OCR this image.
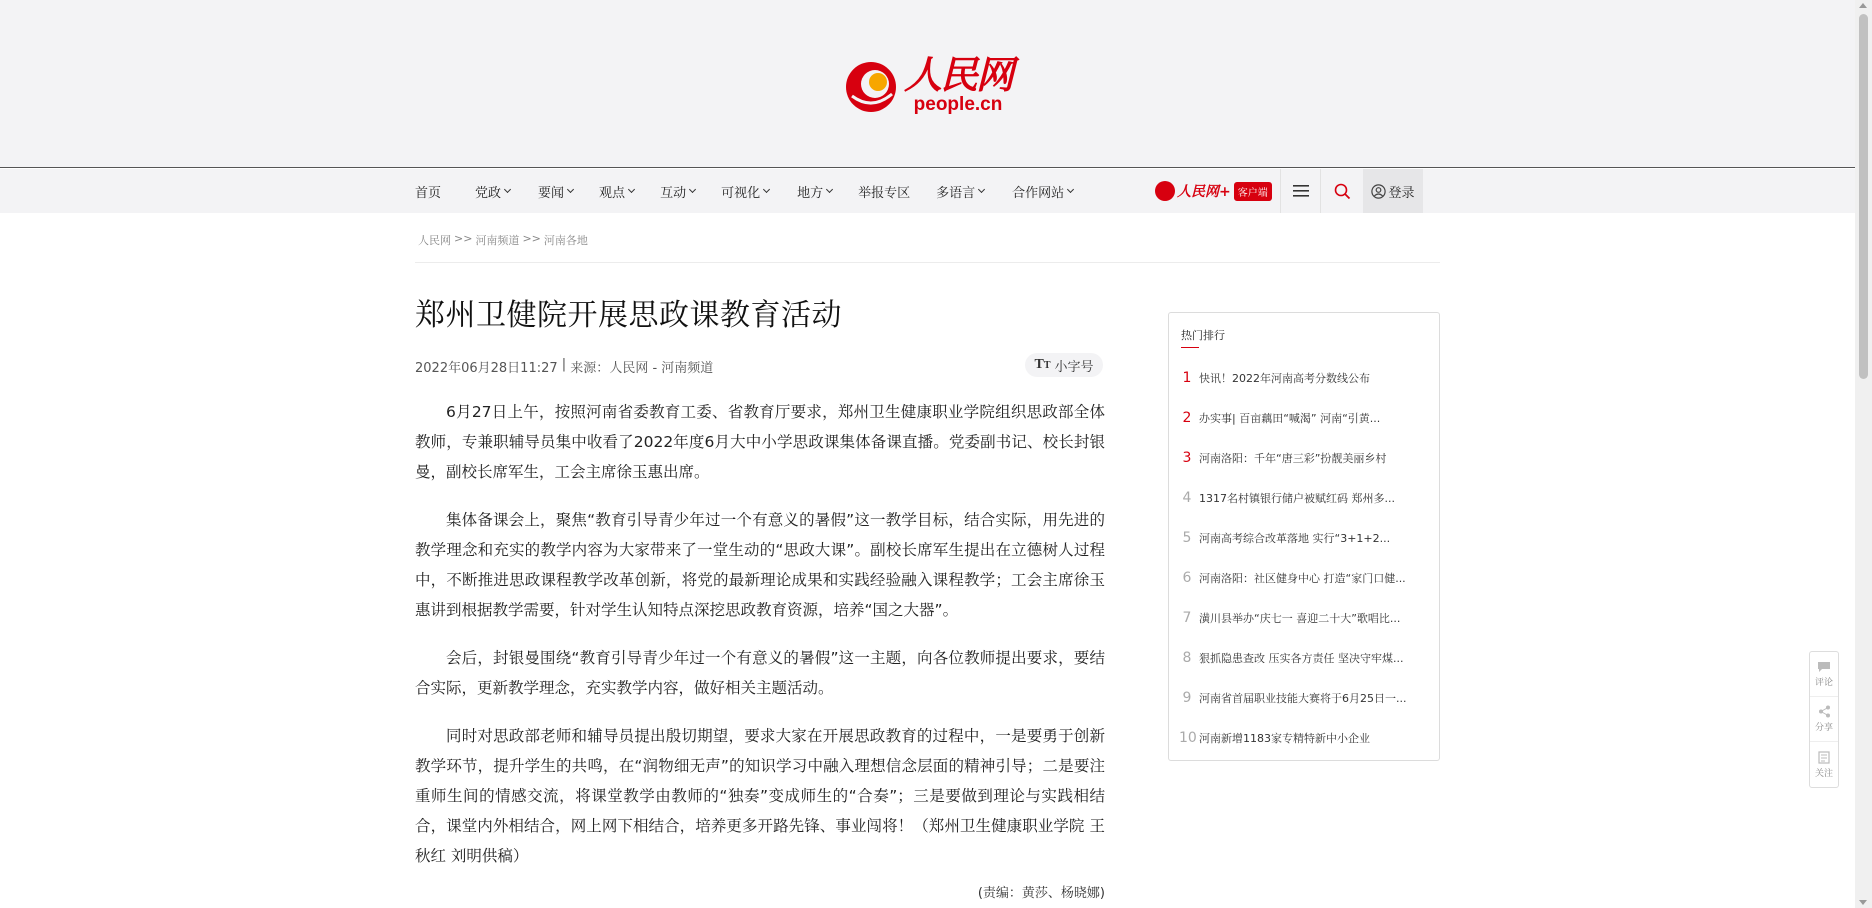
人民网
people.cn
首页	党政	要闻	观点	互动	可视化	地方	举报专区 多语言	合作网站	人民网+ 客户端	登录
人民网 >> 河南频道 >> 河南各地
郑州卫健院开展思政课教育活动
2022年06月28日11:27 | 来源： 人民网 - 河南频道	TT 小字号

6月27日上午，按照河南省委教育工委、省教育厅要求，郑州卫生健康职业学院组织思政部全体教师，专兼职辅导员集中收看了2022年度6月大中小学思政课集体备课直播。党委副书记、校长封银曼，副校长席军生，工会主席徐玉惠出席。

集体备课会上，聚焦“教育引导青少年过一个有意义的暑假”这一教学目标，结合实际，用先进的教学理念和充实的教学内容为大家带来了一堂生动的“思政大课”。副校长席军生提出在立德树人过程中，不断推进思政课程教学改革创新，将党的最新理论成果和实践经验融入课程教学；工会主席徐玉惠讲到根据教学需要，针对学生认知特点深挖思政教育资源，培养“国之大器”。

会后，封银曼围绕“教育引导青少年过一个有意义的暑假”这一主题，向各位教师提出要求，要结合实际，更新教学理念，充实教学内容，做好相关主题活动。

同时对思政部老师和辅导员提出殷切期望，要求大家在开展思政教育的过程中，一是要勇于创新教学环节，提升学生的共鸣，在“润物细无声”的知识学习中融入理想信念层面的精神引导；二是要注重师生间的情感交流，将课堂教学由教师的“独奏”变成师生的“合奏”；三是要做到理论与实践相结合，课堂内外相结合，网上网下相结合，培养更多开路先锋、事业闯将！（郑州卫生健康职业学院 王秋红 刘明供稿）

(责编：黄莎、杨晓娜)
热门排行
1 快讯！2022年河南高考分数线公布
2 办实事| 百亩藕田“喊渴” 河南“引黄...
3 河南洛阳：千年“唐三彩”扮靓美丽乡村
4 1317名村镇银行储户被赋红码 郑州多...
5 河南高考综合改革落地 实行“3+1+2...
6 河南洛阳：社区健身中心 打造“家门口健...
7 潢川县举办“庆七一 喜迎二十大”歌唱比...
8 狠抓隐患查改 压实各方责任 坚决守牢煤...
9 河南省首届职业技能大赛将于6月25日一...
10 河南新增1183家专精特新中小企业
评论
分享
关注
